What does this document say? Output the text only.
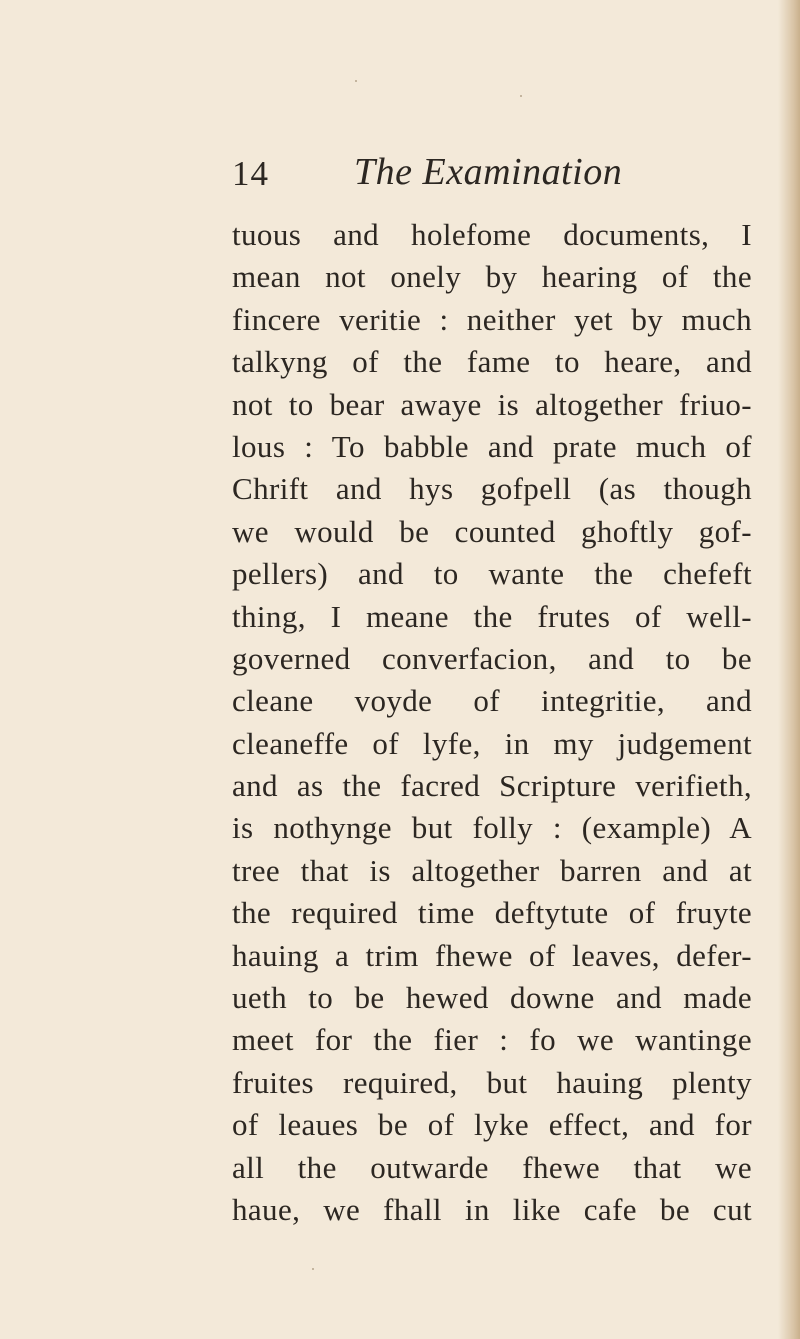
14 The Examination
tuous and holefome documents, I
mean not onely by hearing of the
fincere veritie : neither yet by much
talkyng of the fame to heare, and
not to bear awaye is altogether friuo-
lous : To babble and prate much of
Chrift and hys gofpell (as though
we would be counted ghoftly gof-
pellers) and to wante the chefeft
thing, I meane the frutes of well-
governed converfacion, and to be
cleane voyde of integritie, and
cleaneffe of lyfe, in my judgement
and as the facred Scripture verifieth,
is nothynge but folly : (example) A
tree that is altogether barren and at
the required time deftytute of fruyte
hauing a trim fhewe of leaves, defer-
ueth to be hewed downe and made
meet for the fier : fo we wantinge
fruites required, but hauing plenty
of leaues be of lyke effect, and for
all the outwarde fhewe that we
haue, we fhall in like cafe be cut
